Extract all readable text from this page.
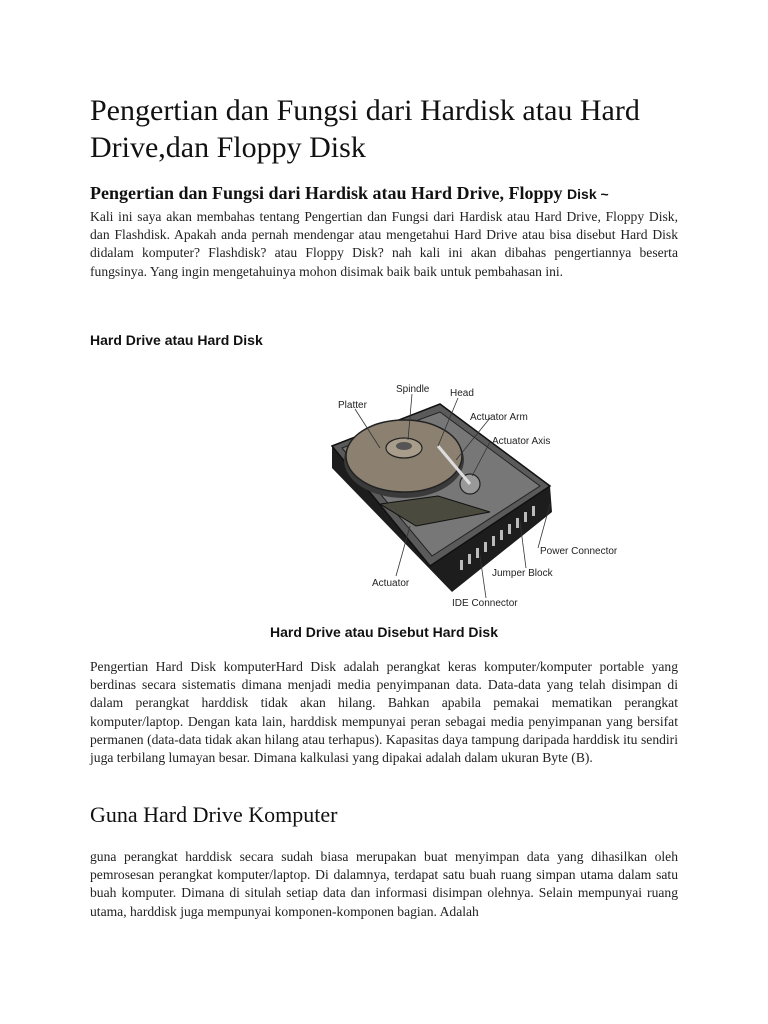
Pengertian dan Fungsi dari Hardisk atau Hard Drive,dan Floppy Disk

Pengertian dan Fungsi dari Hardisk atau Hard Drive, Floppy Disk ~

Kali ini saya akan membahas tentang Pengertian dan Fungsi dari Hardisk atau Hard Drive, Floppy Disk, dan Flashdisk. Apakah anda pernah mendengar atau mengetahui Hard Drive atau bisa disebut Hard Disk didalam komputer? Flashdisk? atau Floppy Disk? nah kali ini akan dibahas pengertiannya beserta fungsinya. Yang ingin mengetahuinya mohon disimak baik baik untuk pembahasan ini.

Hard Drive atau Hard Disk
Platter
Spindle Head
Actuator Arm
Actuator Axis
Power Connector
Jumper Block
Actuator
IDE Connector

Hard Drive atau Disebut Hard Disk

Pengertian Hard Disk komputerHard Disk adalah perangkat keras komputer/komputer portable yang berdinas secara sistematis dimana menjadi media penyimpanan data. Data-data yang telah disimpan di dalam perangkat harddisk tidak akan hilang. Bahkan apabila pemakai mematikan perangkat komputer/laptop. Dengan kata lain, harddisk mempunyai peran sebagai media penyimpanan yang bersifat permanen (data-data tidak akan hilang atau terhapus). Kapasitas daya tampung daripada harddisk itu sendiri juga terbilang lumayan besar. Dimana kalkulasi yang dipakai adalah dalam ukuran Byte (B).

Guna Hard Drive Komputer

guna perangkat harddisk secara sudah biasa merupakan buat menyimpan data yang dihasilkan oleh pemrosesan perangkat komputer/laptop. Di dalamnya, terdapat satu buah ruang simpan utama dalam satu buah komputer. Dimana di situlah setiap data dan informasi disimpan olehnya. Selain mempunyai ruang utama, harddisk juga mempunyai komponen-komponen bagian. Adalah
